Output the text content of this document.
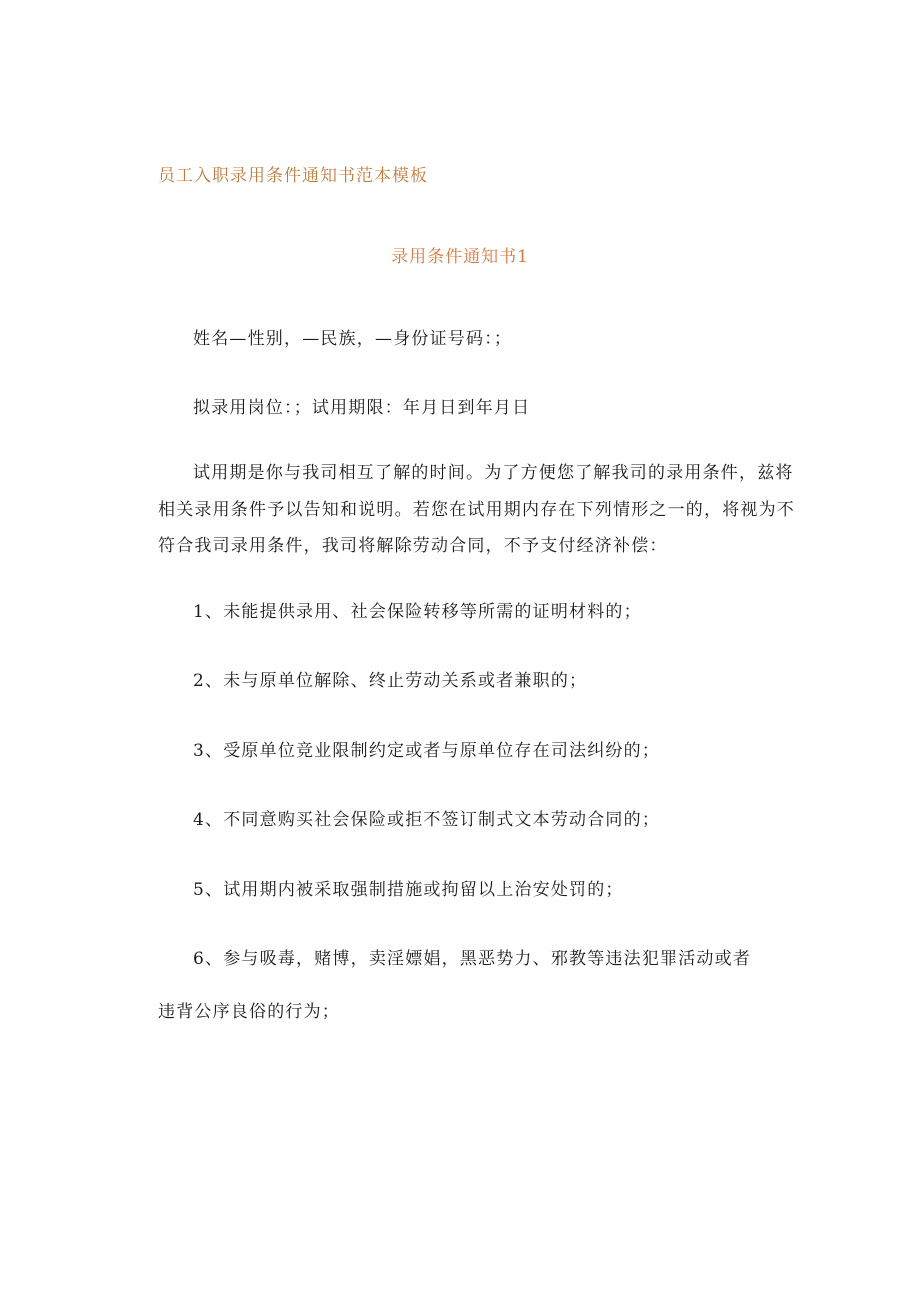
员工入职录用条件通知书范本模板
录用条件通知书1
姓名—性别，—民族，—身份证号码：；
拟录用岗位：；试用期限：年月日到年月日
试用期是你与我司相互了解的时间。为了方便您了解我司的录用条件，兹将
相关录用条件予以告知和说明。若您在试用期内存在下列情形之一的，将视为不
符合我司录用条件，我司将解除劳动合同，不予支付经济补偿：
1、未能提供录用、社会保险转移等所需的证明材料的；
2、未与原单位解除、终止劳动关系或者兼职的；
3、受原单位竞业限制约定或者与原单位存在司法纠纷的；
4、不同意购买社会保险或拒不签订制式文本劳动合同的；
5、试用期内被采取强制措施或拘留以上治安处罚的；
6、参与吸毒，赌博，卖淫嫖娼，黑恶势力、邪教等违法犯罪活动或者
违背公序良俗的行为；
